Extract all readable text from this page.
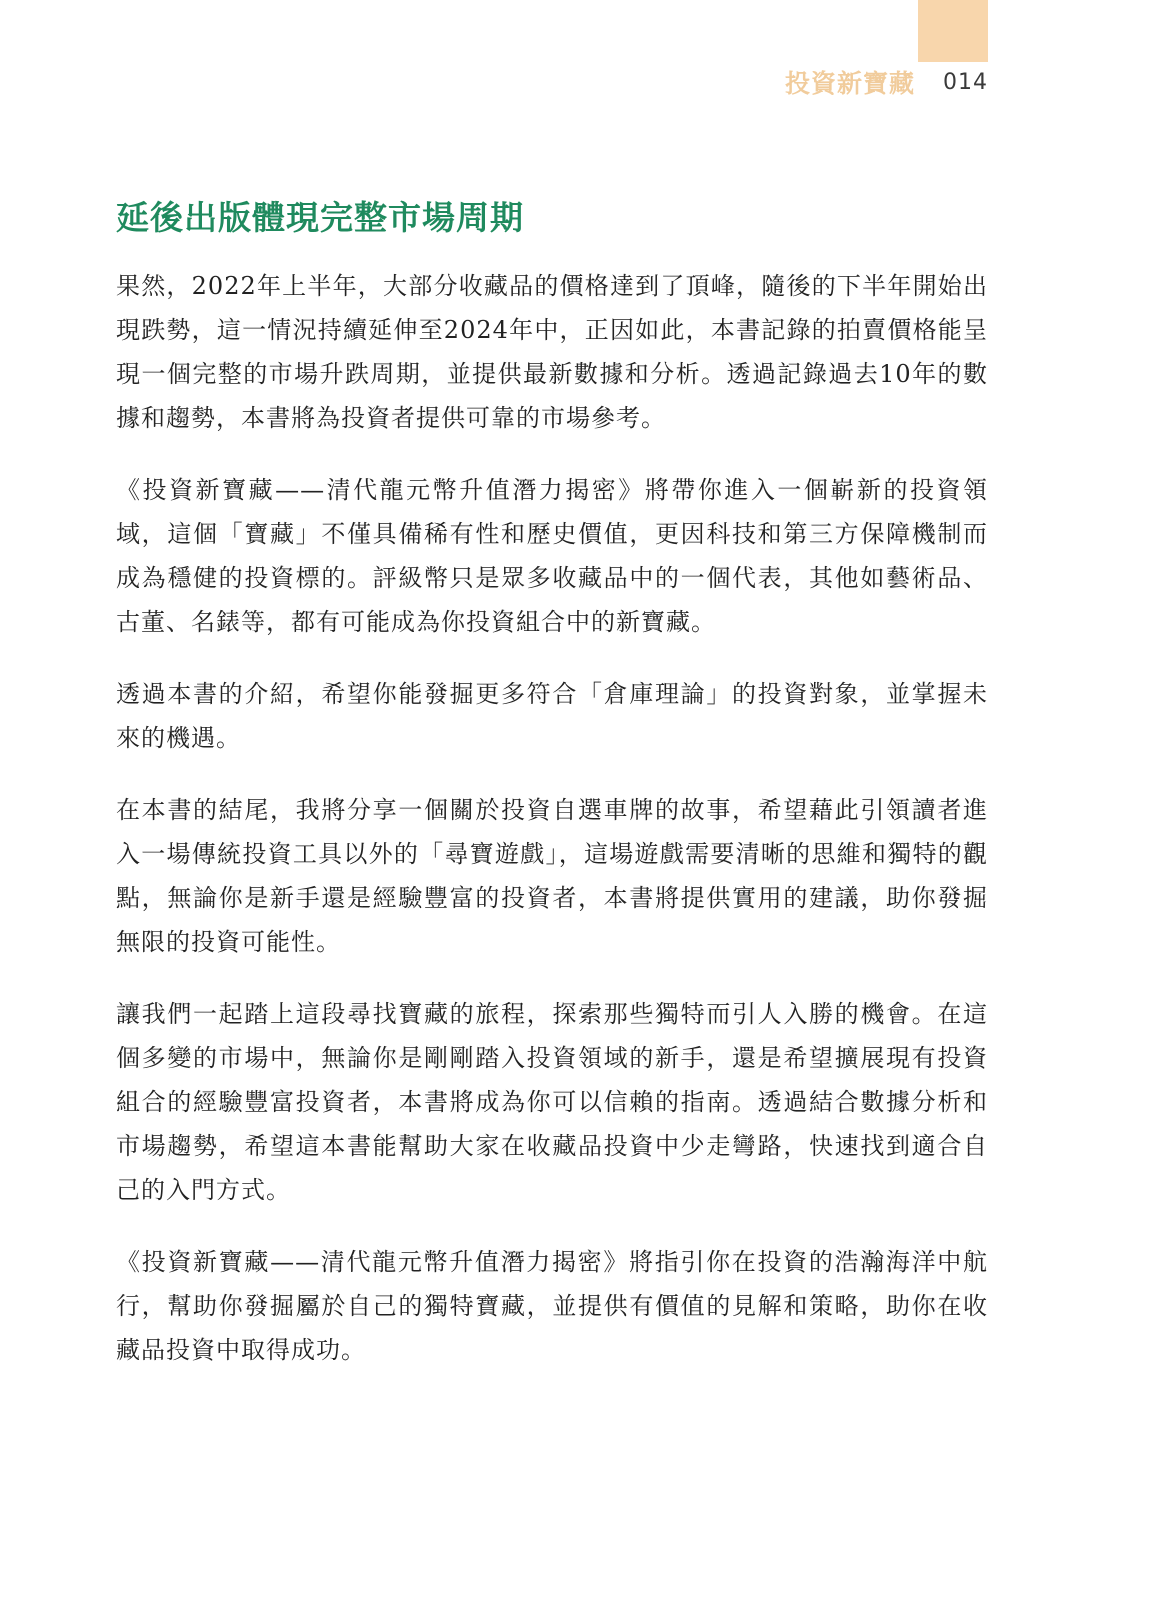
投資新寶藏 014
延後出版體現完整市場周期

果然，2022年上半年，大部分收藏品的價格達到了頂峰，隨後的下半年開始出現跌勢，這一情況持續延伸至2024年中，正因如此，本書記錄的拍賣價格能呈現一個完整的市場升跌周期，並提供最新數據和分析。透過記錄過去10年的數據和趨勢，本書將為投資者提供可靠的市場參考。

《投資新寶藏——清代龍元幣升值潛力揭密》將帶你進入一個嶄新的投資領域，這個「寶藏」不僅具備稀有性和歷史價值，更因科技和第三方保障機制而成為穩健的投資標的。評級幣只是眾多收藏品中的一個代表，其他如藝術品、古董、名錶等，都有可能成為你投資組合中的新寶藏。

透過本書的介紹，希望你能發掘更多符合「倉庫理論」的投資對象，並掌握未來的機遇。

在本書的結尾，我將分享一個關於投資自選車牌的故事，希望藉此引領讀者進入一場傳統投資工具以外的「尋寶遊戲」，這場遊戲需要清晰的思維和獨特的觀點，無論你是新手還是經驗豐富的投資者，本書將提供實用的建議，助你發掘無限的投資可能性。

讓我們一起踏上這段尋找寶藏的旅程，探索那些獨特而引人入勝的機會。在這個多變的市場中，無論你是剛剛踏入投資領域的新手，還是希望擴展現有投資組合的經驗豐富投資者，本書將成為你可以信賴的指南。透過結合數據分析和市場趨勢，希望這本書能幫助大家在收藏品投資中少走彎路，快速找到適合自己的入門方式。

《投資新寶藏——清代龍元幣升值潛力揭密》將指引你在投資的浩瀚海洋中航行，幫助你發掘屬於自己的獨特寶藏，並提供有價值的見解和策略，助你在收藏品投資中取得成功。
